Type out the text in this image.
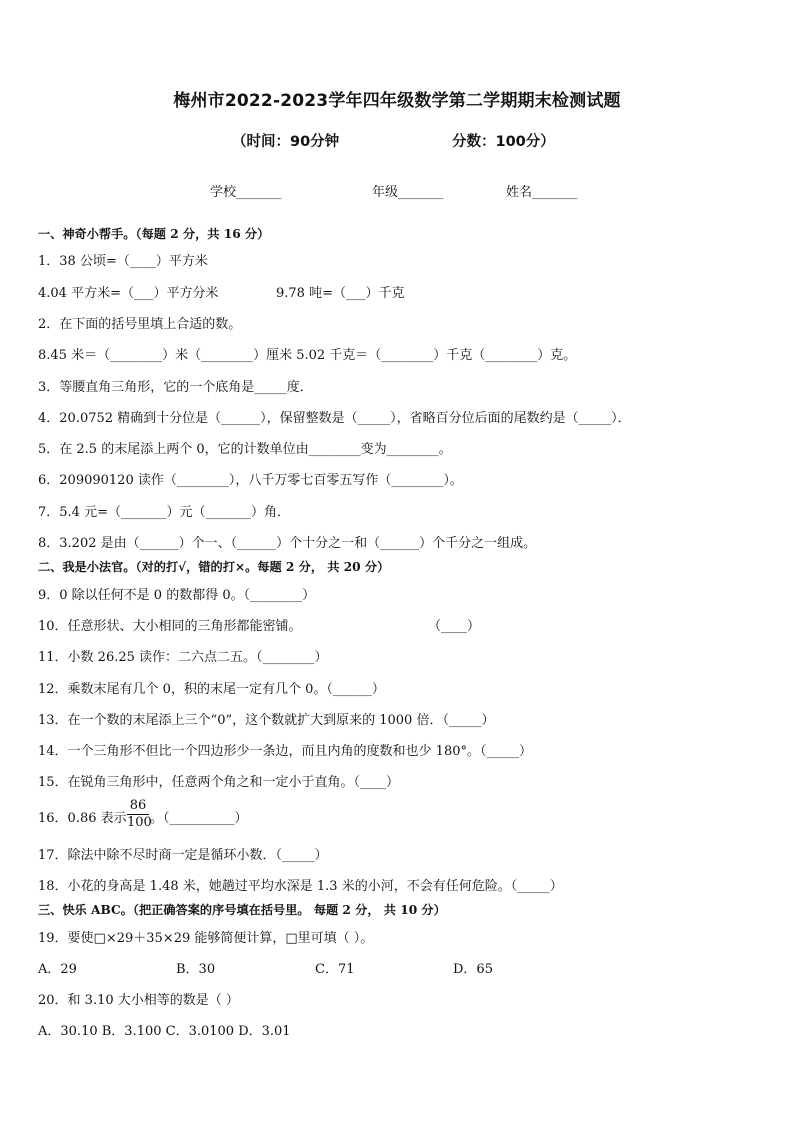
梅州市2022-2023学年四年级数学第二学期期末检测试题
（时间：90分钟	分数：100分）
学校_______	年级_______	姓名_______
一、神奇小帮手。（每题 2 分，共 16 分）
1．38 公顷=（____）平方米
4.04 平方米=（___）平方分米	9.78 吨=（___）千克
2．在下面的括号里填上合适的数。
8.45 米＝（________）米（________）厘米 5.02 千克＝（________）千克（________）克。
3．等腰直角三角形，它的一个底角是_____度．
4．20.0752 精确到十分位是（______），保留整数是（_____），省略百分位后面的尾数约是（_____）．
5．在 2.5 的末尾添上两个 0，它的计数单位由________变为________。
6．209090120 读作（________），八千万零七百零五写作（________）。
7．5.4 元=（_______）元（_______）角．
8．3.202 是由（______）个一、（______）个十分之一和（______）个千分之一组成。
二、我是小法官。（对的打√，错的打×。每题 2 分， 共 20 分）
9．0 除以任何不是 0 的数都得 0。（________）
10．任意形状、大小相同的三角形都能密铺。	（____）
11．小数 26.25 读作：二六点二五。（________）
12．乘数末尾有几个 0，积的末尾一定有几个 0。（______）
13．在一个数的末尾添上三个“0”，这个数就扩大到原来的 1000 倍．（_____）
14．一个三角形不但比一个四边形少一条边，而且内角的度数和也少 180°。（_____）
15．在锐角三角形中，任意两个角之和一定小于直角。（____）
16．0.86 表示 $\frac{86}{100}$ 。（__________）
17．除法中除不尽时商一定是循环小数．（_____）
18．小花的身高是 1.48 米，她趟过平均水深是 1.3 米的小河，不会有任何危险。（_____）
三、快乐 ABC。（把正确答案的序号填在括号里。 每题 2 分， 共 10 分）
19．要使□×29＋35×29 能够简便计算，□里可填（ ）。
A．29	B．30	C．71	D．65
20．和 3.10 大小相等的数是（ ）
A．30.10 B．3.100 C．3.0100 D．3.01
